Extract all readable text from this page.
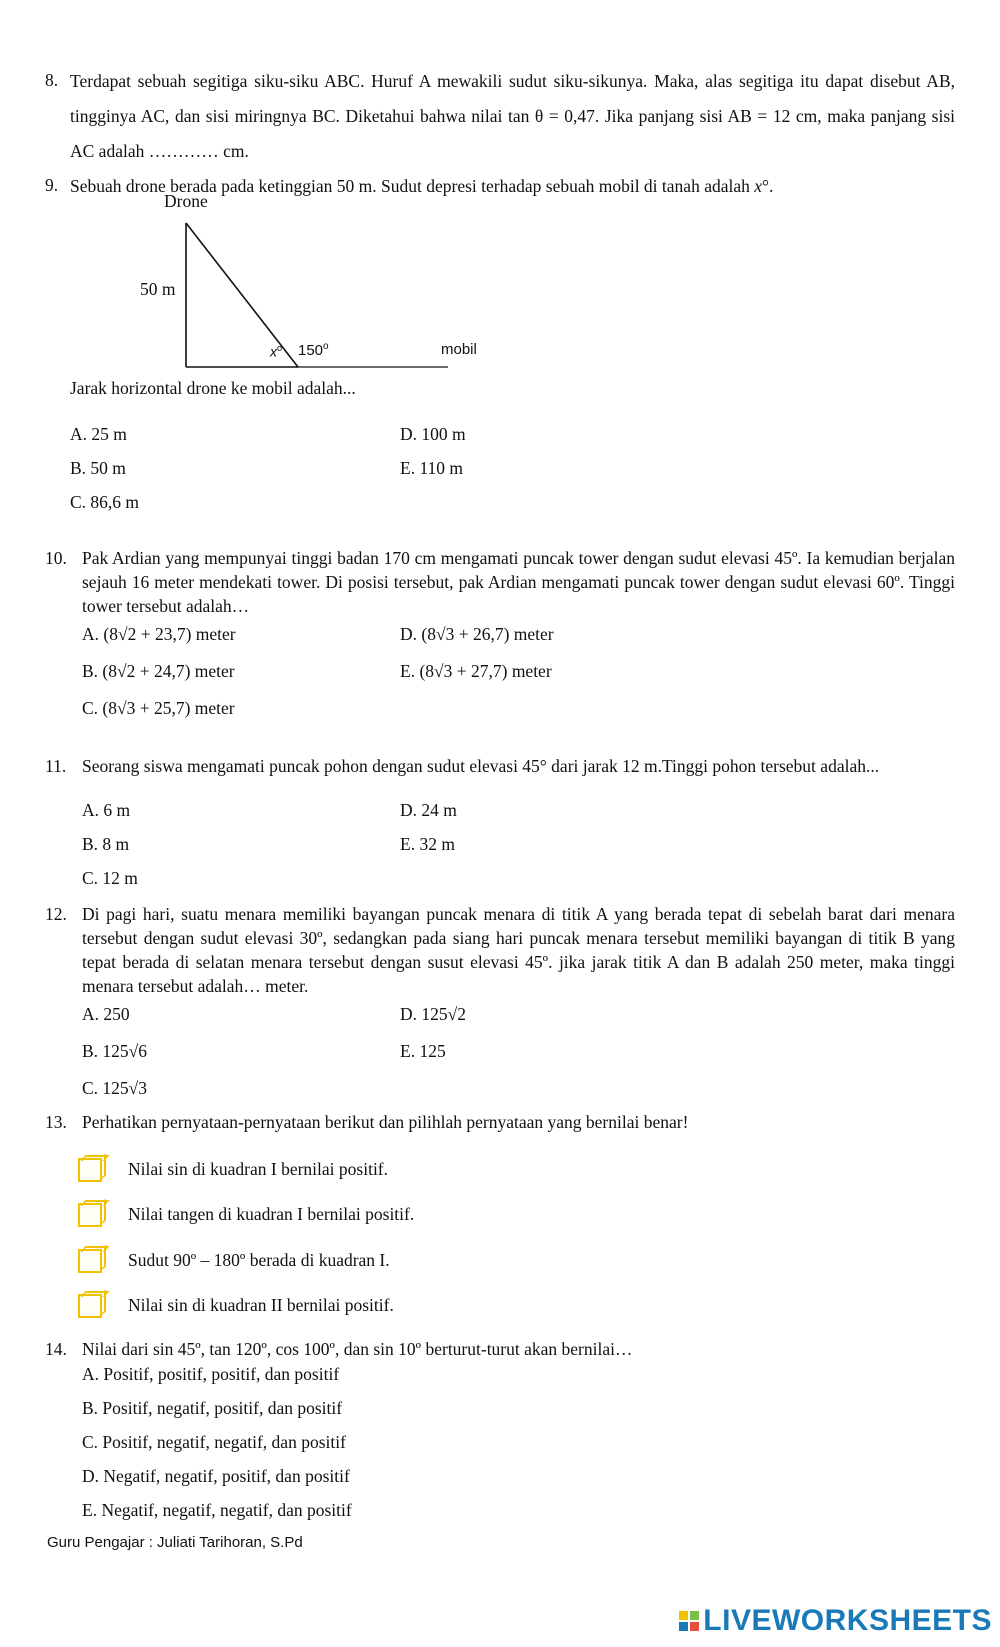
8. Terdapat sebuah segitiga siku-siku ABC. Huruf A mewakili sudut siku-sikunya. Maka, alas segitiga itu dapat disebut AB, tingginya AC, dan sisi miringnya BC. Diketahui bahwa nilai tan θ = 0,47. Jika panjang sisi AB = 12 cm, maka panjang sisi AC adalah ………… cm.
9. Sebuah drone berada pada ketinggian 50 m. Sudut depresi terhadap sebuah mobil di tanah adalah x°.
Drone
50 m
$x^o$ 150$^o$	mobil
Jarak horizontal drone ke mobil adalah...
A. 25 m	D. 100 m
B. 50 m	E. 110 m
C. 86,6 m
10. Pak Ardian yang mempunyai tinggi badan 170 cm mengamati puncak tower dengan sudut elevasi 45º. Ia kemudian berjalan sejauh 16 meter mendekati tower. Di posisi tersebut, pak Ardian mengamati puncak tower dengan sudut elevasi 60º. Tinggi tower tersebut adalah…
A. (8√2 + 23,7) meter	D. (8√3 + 26,7) meter
B. (8√2 + 24,7) meter	E. (8√3 + 27,7) meter
C. (8√3 + 25,7) meter
11. Seorang siswa mengamati puncak pohon dengan sudut elevasi 45° dari jarak 12 m.Tinggi pohon tersebut adalah...
A. 6 m	D. 24 m
B. 8 m	E. 32 m
C. 12 m
12. Di pagi hari, suatu menara memiliki bayangan puncak menara di titik A yang berada tepat di sebelah barat dari menara tersebut dengan sudut elevasi 30º, sedangkan pada siang hari puncak menara tersebut memiliki bayangan di titik B yang tepat berada di selatan menara tersebut dengan susut elevasi 45º. jika jarak titik A dan B adalah 250 meter, maka tinggi menara tersebut adalah… meter.
A. 250	D. 125√2
B. 125√6	E. 125
C. 125√3
13. Perhatikan pernyataan-pernyataan berikut dan pilihlah pernyataan yang bernilai benar!
Nilai sin di kuadran I bernilai positif.
Nilai tangen di kuadran I bernilai positif.
Sudut 90º – 180º berada di kuadran I.
Nilai sin di kuadran II bernilai positif.
14. Nilai dari sin 45º, tan 120º, cos 100º, dan sin 10º berturut-turut akan bernilai…
A. Positif, positif, positif, dan positif
B. Positif, negatif, positif, dan positif
C. Positif, negatif, negatif, dan positif
D. Negatif, negatif, positif, dan positif
E. Negatif, negatif, negatif, dan positif
Guru Pengajar : Juliati Tarihoran, S.Pd
LIVEWORKSHEETS
